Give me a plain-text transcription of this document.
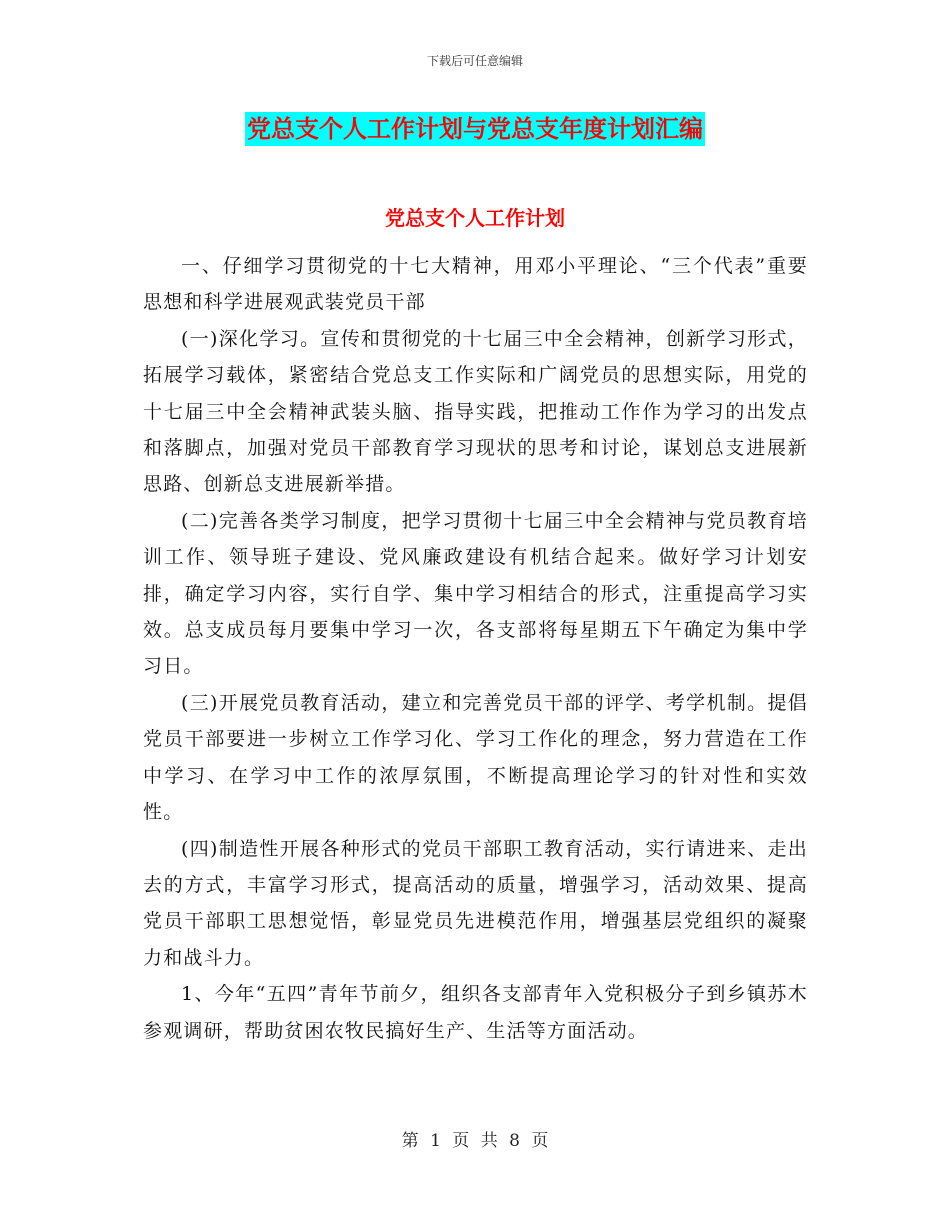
下载后可任意编辑
党总支个人工作计划与党总支年度计划汇编
党总支个人工作计划

一、仔细学习贯彻党的十七大精神，用邓小平理论、“三个代表”重要思想和科学进展观武装党员干部

(一)深化学习。宣传和贯彻党的十七届三中全会精神，创新学习形式，拓展学习载体，紧密结合党总支工作实际和广阔党员的思想实际，用党的十七届三中全会精神武装头脑、指导实践，把推动工作作为学习的出发点和落脚点，加强对党员干部教育学习现状的思考和讨论，谋划总支进展新思路、创新总支进展新举措。

(二)完善各类学习制度，把学习贯彻十七届三中全会精神与党员教育培训工作、领导班子建设、党风廉政建设有机结合起来。做好学习计划安排，确定学习内容，实行自学、集中学习相结合的形式，注重提高学习实效。总支成员每月要集中学习一次，各支部将每星期五下午确定为集中学习日。

(三)开展党员教育活动，建立和完善党员干部的评学、考学机制。提倡党员干部要进一步树立工作学习化、学习工作化的理念，努力营造在工作中学习、在学习中工作的浓厚氛围，不断提高理论学习的针对性和实效性。

(四)制造性开展各种形式的党员干部职工教育活动，实行请进来、走出去的方式，丰富学习形式，提高活动的质量，增强学习，活动效果、提高党员干部职工思想觉悟，彰显党员先进模范作用，增强基层党组织的凝聚力和战斗力。

1、今年“五四”青年节前夕，组织各支部青年入党积极分子到乡镇苏木参观调研，帮助贫困农牧民搞好生产、生活等方面活动。

第 1 页 共 8 页
